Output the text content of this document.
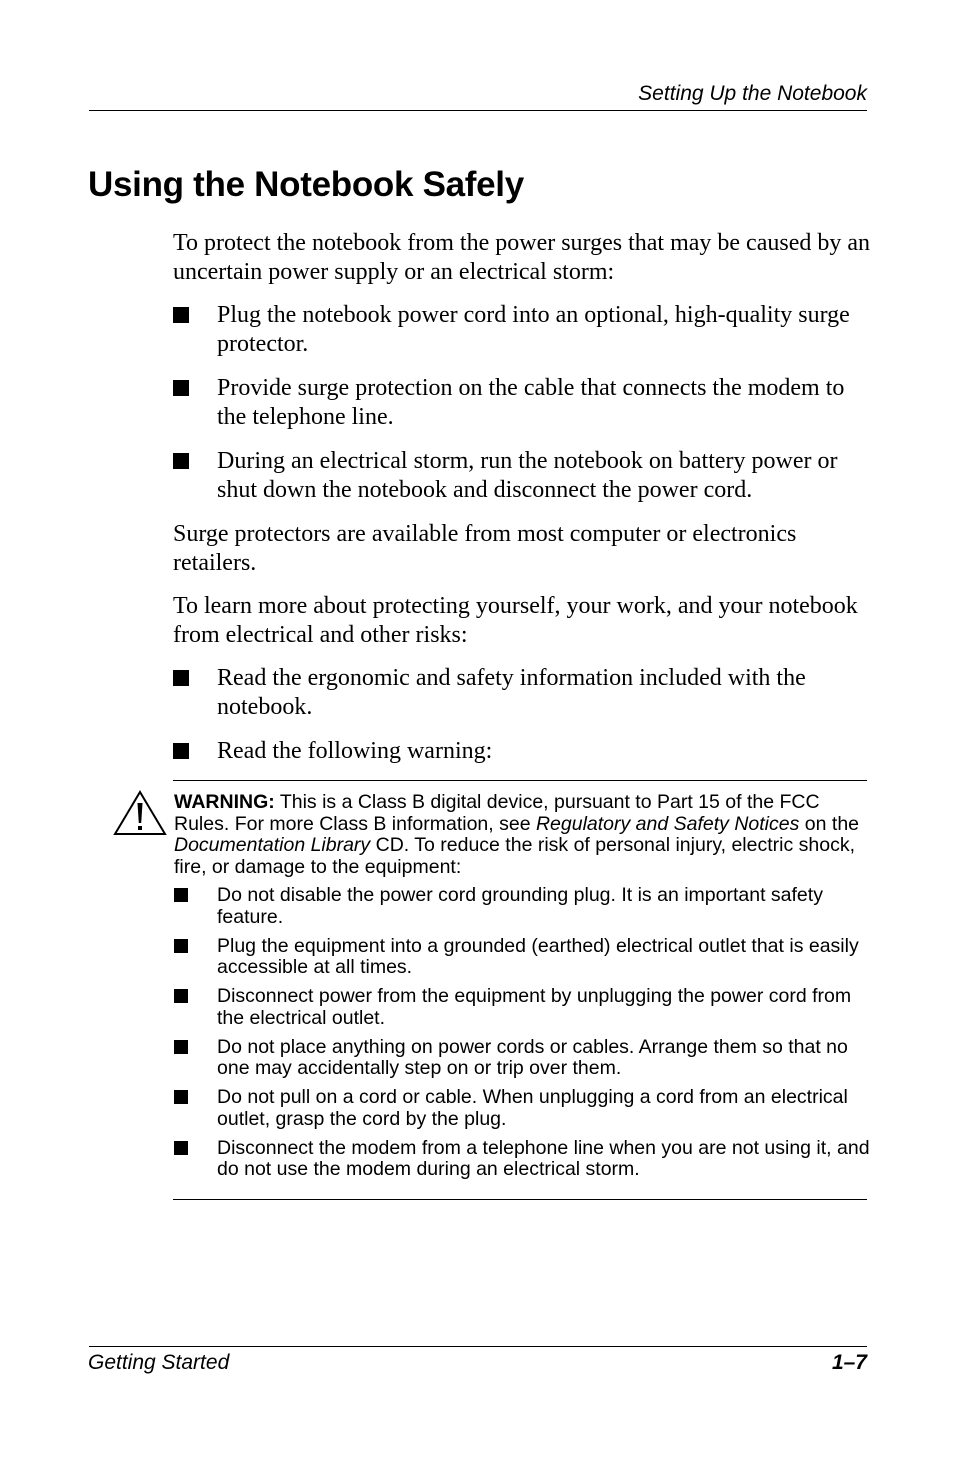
Setting Up the Notebook
Using the Notebook Safely

To protect the notebook from the power surges that may be caused by an uncertain power supply or an electrical storm:

Plug the notebook power cord into an optional, high-quality surge protector.
Provide surge protection on the cable that connects the modem to the telephone line.
During an electrical storm, run the notebook on battery power or shut down the notebook and disconnect the power cord.

Surge protectors are available from most computer or electronics retailers.

To learn more about protecting yourself, your work, and your notebook from electrical and other risks:

Read the ergonomic and safety information included with the notebook.
Read the following warning:

WARNING: This is a Class B digital device, pursuant to Part 15 of the FCC Rules. For more Class B information, see Regulatory and Safety Notices on the Documentation Library CD. To reduce the risk of personal injury, electric shock, fire, or damage to the equipment:

Do not disable the power cord grounding plug. It is an important safety feature.
Plug the equipment into a grounded (earthed) electrical outlet that is easily accessible at all times.
Disconnect power from the equipment by unplugging the power cord from the electrical outlet.
Do not place anything on power cords or cables. Arrange them so that no one may accidentally step on or trip over them.
Do not pull on a cord or cable. When unplugging a cord from an electrical outlet, grasp the cord by the plug.
Disconnect the modem from a telephone line when you are not using it, and do not use the modem during an electrical storm.
Getting Started	1–7
